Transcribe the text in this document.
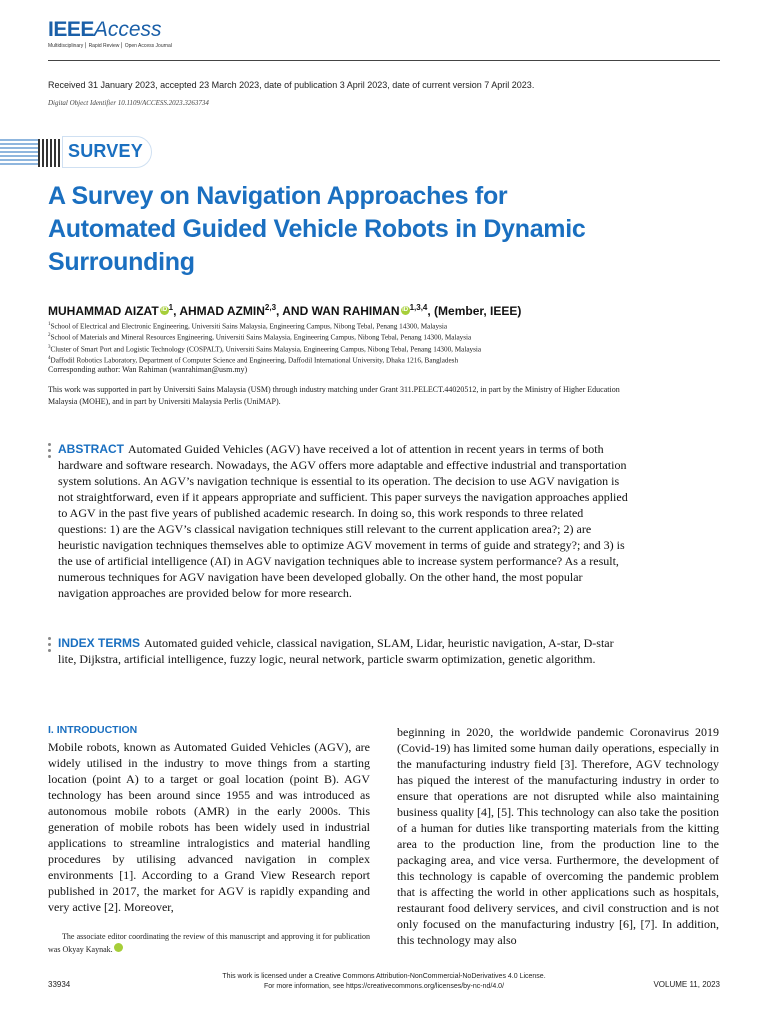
IEEEAccess
Multidisciplinary ⎜ Rapid Review ⎜ Open Access Journal
Received 31 January 2023, accepted 23 March 2023, date of publication 3 April 2023, date of current version 7 April 2023.
Digital Object Identifier 10.1109/ACCESS.2023.3263734
SURVEY
A Survey on Navigation Approaches for Automated Guided Vehicle Robots in Dynamic Surrounding
MUHAMMAD AIZAT iD $^1$, AHMAD AZMIN$^{2,3}$, AND WAN RAHIMAN iD $^{1,3,4}$, (Member, IEEE)
$^1$School of Electrical and Electronic Engineering, Universiti Sains Malaysia, Engineering Campus, Nibong Tebal, Penang 14300, Malaysia
$^2$School of Materials and Mineral Resources Engineering, Universiti Sains Malaysia, Engineering Campus, Nibong Tebal, Penang 14300, Malaysia
$^3$Cluster of Smart Port and Logistic Technology (COSPALT), Universiti Sains Malaysia, Engineering Campus, Nibong Tebal, Penang 14300, Malaysia
$^4$Daffodil Robotics Laboratory, Department of Computer Science and Engineering, Daffodil International University, Dhaka 1216, Bangladesh
Corresponding author: Wan Rahiman (wanrahiman@usm.my)
This work was supported in part by Universiti Sains Malaysia (USM) through industry matching under Grant 311.PELECT.44020512, in part by the Ministry of Higher Education Malaysia (MOHE), and in part by Universiti Malaysia Perlis (UniMAP).
ABSTRACT Automated Guided Vehicles (AGV) have received a lot of attention in recent years in terms of both hardware and software research. Nowadays, the AGV offers more adaptable and effective industrial and transportation system solutions. An AGV’s navigation technique is essential to its operation. The decision to use AGV navigation is not straightforward, even if it appears appropriate and sufficient. This paper surveys the navigation approaches applied to AGV in the past five years of published academic research. In doing so, this work responds to three related questions: 1) are the AGV’s classical navigation techniques still relevant to the current application area?; 2) are heuristic navigation techniques themselves able to optimize AGV movement in terms of guide and strategy?; and 3) is the use of artificial intelligence (AI) in AGV navigation techniques able to increase system performance? As a result, numerous techniques for AGV navigation have been developed globally. On the other hand, the most popular navigation approaches are provided below for more research.
INDEX TERMS Automated guided vehicle, classical navigation, SLAM, Lidar, heuristic navigation, A-star, D-star lite, Dijkstra, artificial intelligence, fuzzy logic, neural network, particle swarm optimization, genetic algorithm.
I. INTRODUCTION

Mobile robots, known as Automated Guided Vehicles (AGV), are widely utilised in the industry to move things from a starting location (point A) to a target or goal location (point B). AGV technology has been around since 1955 and was introduced as autonomous mobile robots (AMR) in the early 2000s. This generation of mobile robots has been widely used in industrial applications to streamline intralogistics and material handling procedures by utilising advanced navigation in complex environments [1]. According to a Grand View Research report published in 2017, the market for AGV is rapidly expanding and very active [2]. Moreover,

The associate editor coordinating the review of this manuscript and approving it for publication was Okyay Kaynak.	iD

beginning in 2020, the worldwide pandemic Coronavirus 2019 (Covid-19) has limited some human daily operations, especially in the manufacturing industry field [3]. Therefore, AGV technology has piqued the interest of the manufacturing industry in order to ensure that operations are not disrupted while also maintaining business quality [4], [5]. This technology can also take the position of a human for duties like transporting materials from the kitting area to the production line, from the production line to the packaging area, and vice versa. Furthermore, the development of this technology is capable of overcoming the pandemic problem that is affecting the world in other applications such as hospitals, restaurant food delivery services, and civil construction and is not only focused on the manufacturing industry [6], [7]. In addition, this technology may also

This work is licensed under a Creative Commons Attribution-NonCommercial-NoDerivatives 4.0 License.
For more information, see https://creativecommons.org/licenses/by-nc-nd/4.0/
33934	VOLUME 11, 2023
